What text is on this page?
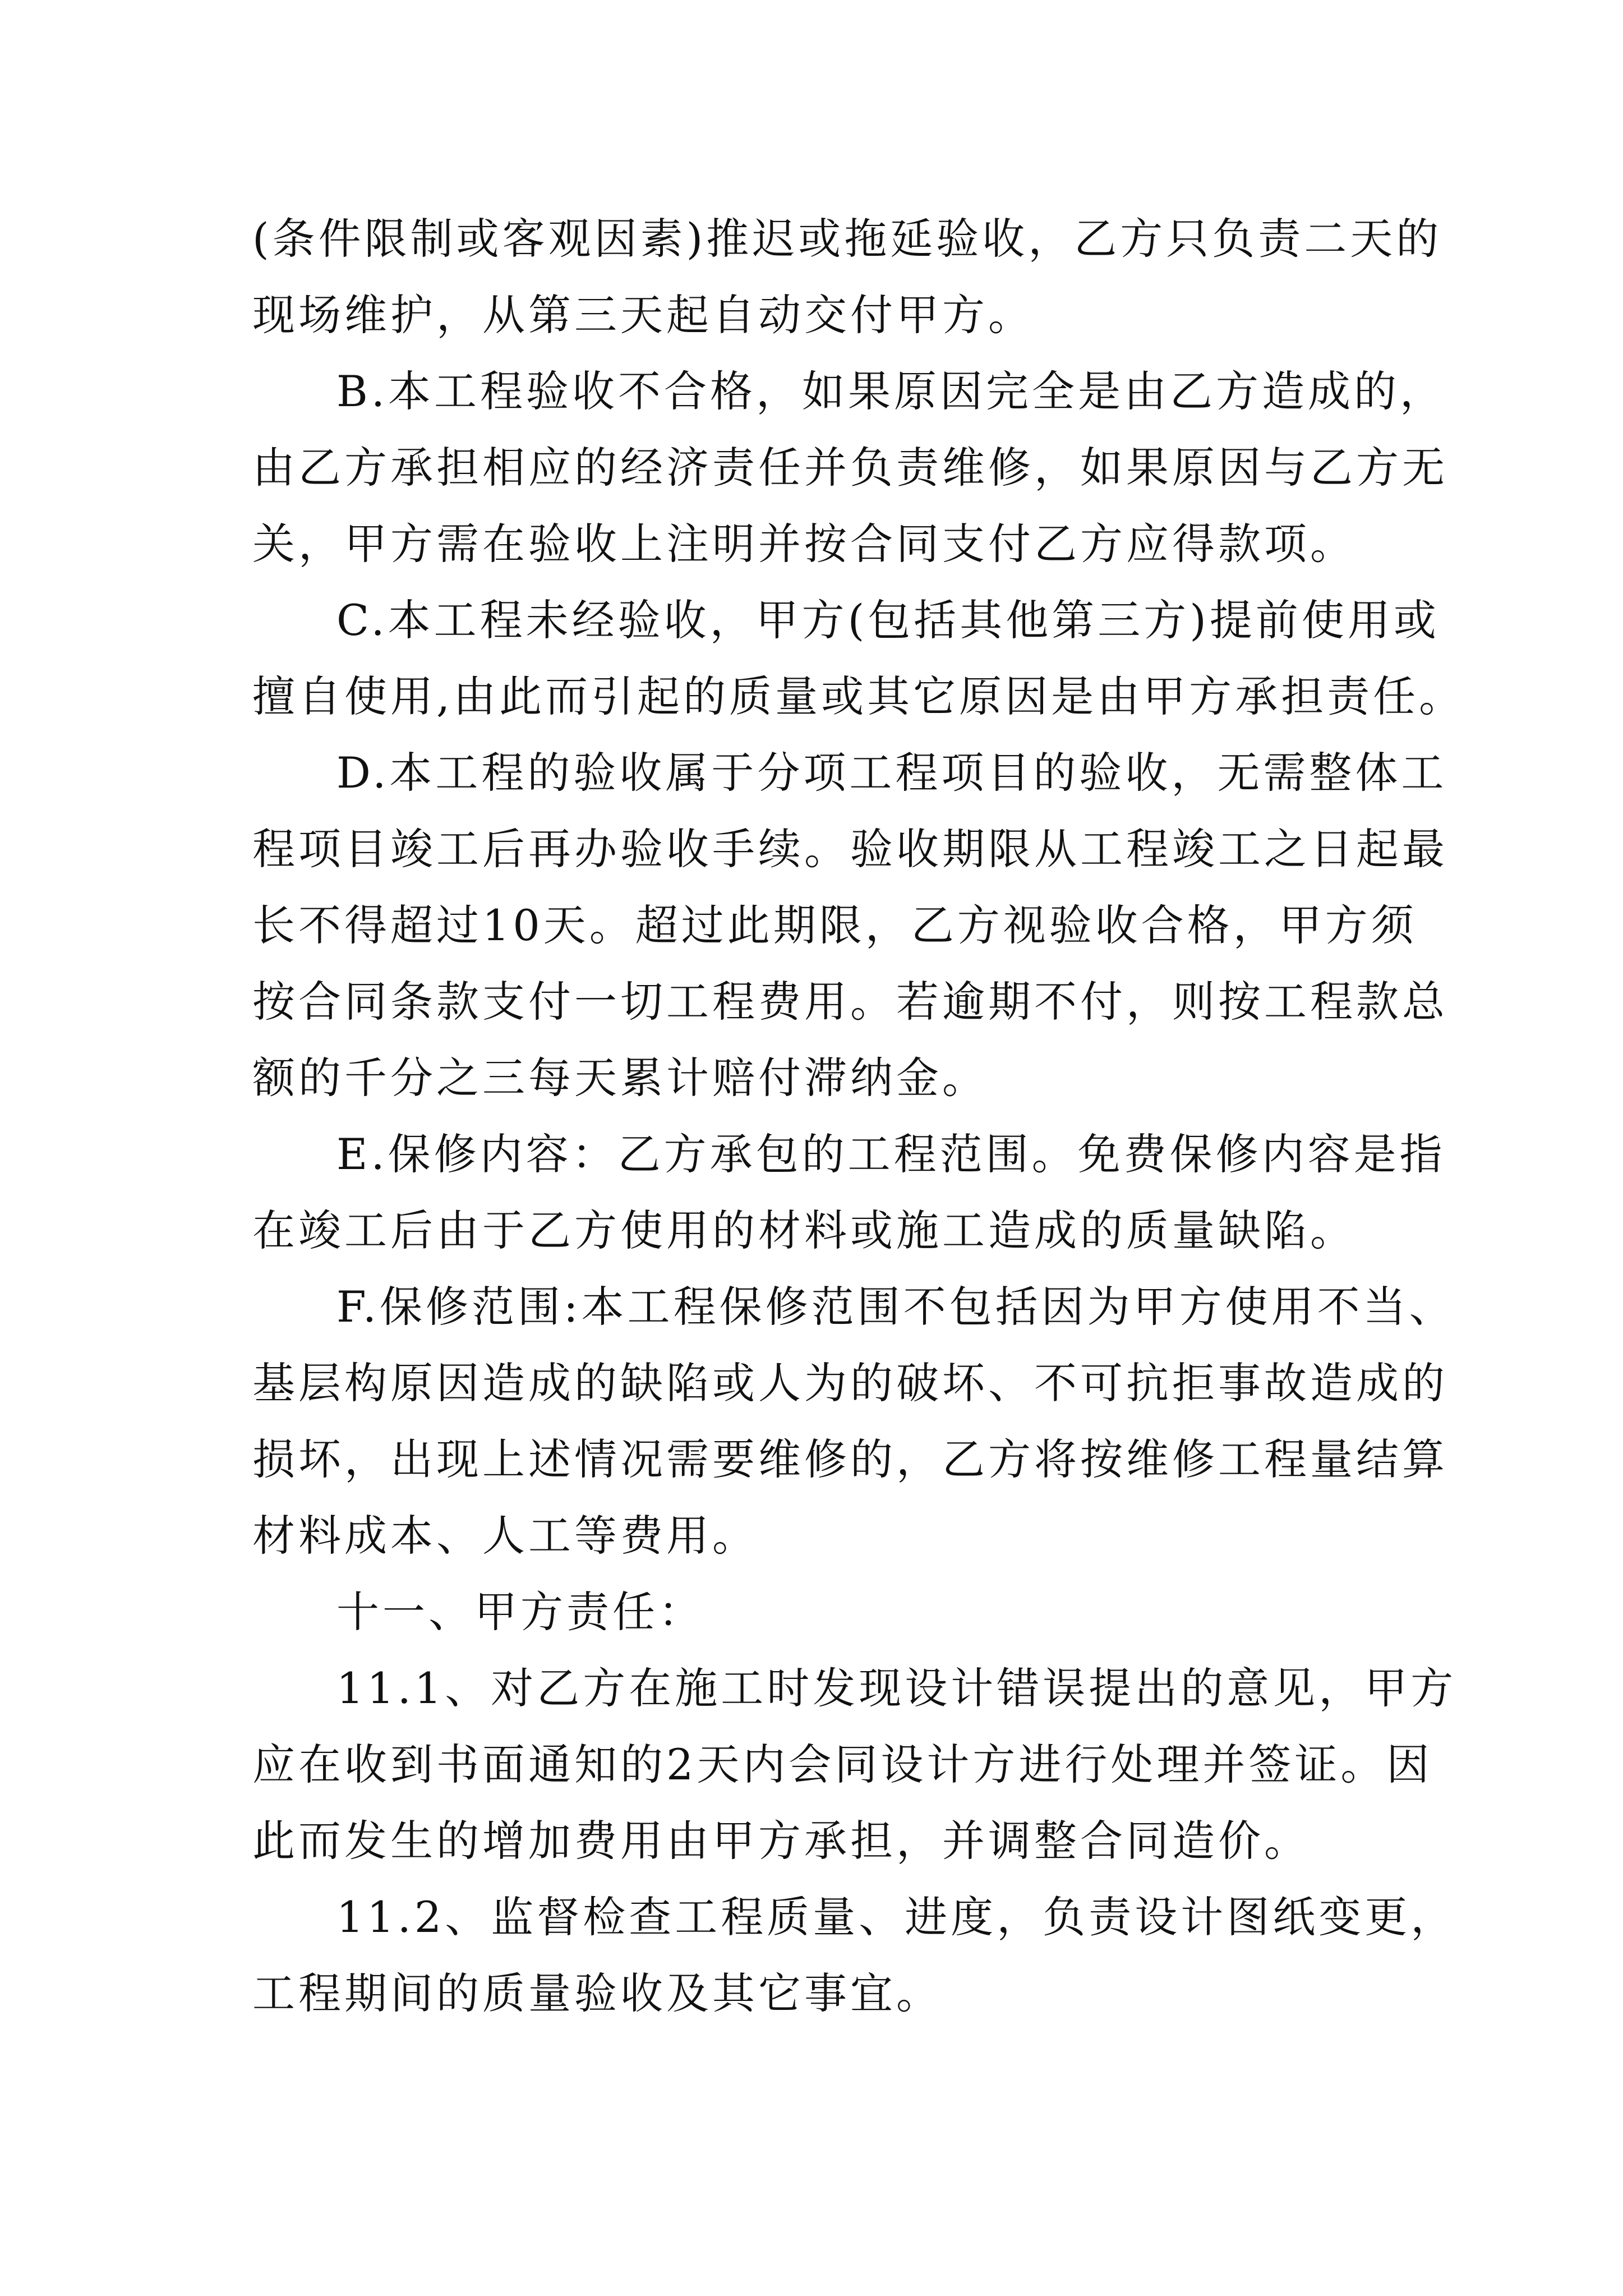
(条件限制或客观因素)推迟或拖延验收，乙方只负责二天的
现场维护，从第三天起自动交付甲方。
B.本工程验收不合格，如果原因完全是由乙方造成的，
由乙方承担相应的经济责任并负责维修，如果原因与乙方无
关，甲方需在验收上注明并按合同支付乙方应得款项。
C.本工程未经验收，甲方(包括其他第三方)提前使用或
擅自使用,由此而引起的质量或其它原因是由甲方承担责任。
D.本工程的验收属于分项工程项目的验收，无需整体工
程项目竣工后再办验收手续。验收期限从工程竣工之日起最
长不得超过10天。超过此期限，乙方视验收合格，甲方须
按合同条款支付一切工程费用。若逾期不付，则按工程款总
额的千分之三每天累计赔付滞纳金。
E.保修内容：乙方承包的工程范围。免费保修内容是指
在竣工后由于乙方使用的材料或施工造成的质量缺陷。
F.保修范围:本工程保修范围不包括因为甲方使用不当、
基层构原因造成的缺陷或人为的破坏、不可抗拒事故造成的
损坏，出现上述情况需要维修的，乙方将按维修工程量结算
材料成本、人工等费用。
十一、甲方责任：
11.1、对乙方在施工时发现设计错误提出的意见，甲方
应在收到书面通知的2天内会同设计方进行处理并签证。因
此而发生的增加费用由甲方承担，并调整合同造价。
11.2、监督检查工程质量、进度，负责设计图纸变更，
工程期间的质量验收及其它事宜。
